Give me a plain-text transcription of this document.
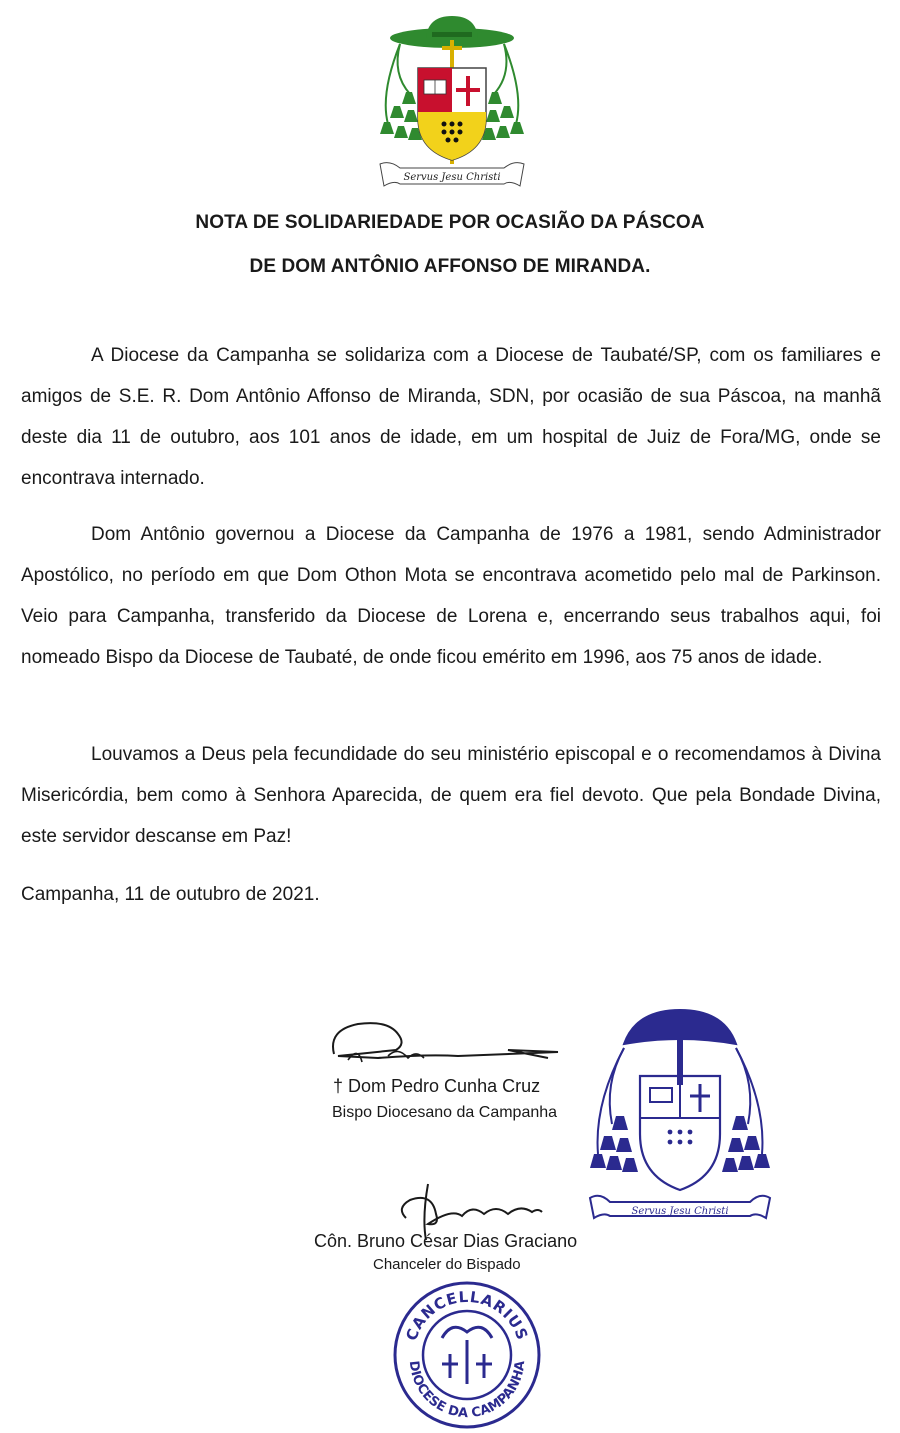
Servus Jesu Christi
NOTA DE SOLIDARIEDADE POR OCASIÃO DA PÁSCOA
DE DOM ANTÔNIO AFFONSO DE MIRANDA.

A Diocese da Campanha se solidariza com a Diocese de Taubaté/SP, com os familiares e amigos de S.E. R. Dom Antônio Affonso de Miranda, SDN, por ocasião de sua Páscoa, na manhã deste dia 11 de outubro, aos 101 anos de idade, em um hospital de Juiz de Fora/MG, onde se encontrava internado.

Dom Antônio governou a Diocese da Campanha de 1976 a 1981, sendo Administrador Apostólico, no período em que Dom Othon Mota se encontrava acometido pelo mal de Parkinson. Veio para Campanha, transferido da Diocese de Lorena e, encerrando seus trabalhos aqui, foi nomeado Bispo da Diocese de Taubaté, de onde ficou emérito em 1996, aos 75 anos de idade.

Louvamos a Deus pela fecundidade do seu ministério episcopal e o recomendamos à Divina Misericórdia, bem como à Senhora Aparecida, de quem era fiel devoto. Que pela Bondade Divina, este servidor descanse em Paz!

Campanha, 11 de outubro de 2021.
† Dom Pedro Cunha Cruz
Bispo Diocesano da Campanha
Servus Jesu Christi
Côn. Bruno César Dias Graciano
Chanceler do Bispado
CANCELLARIUS
DIOCESE DA CAMPANHA
